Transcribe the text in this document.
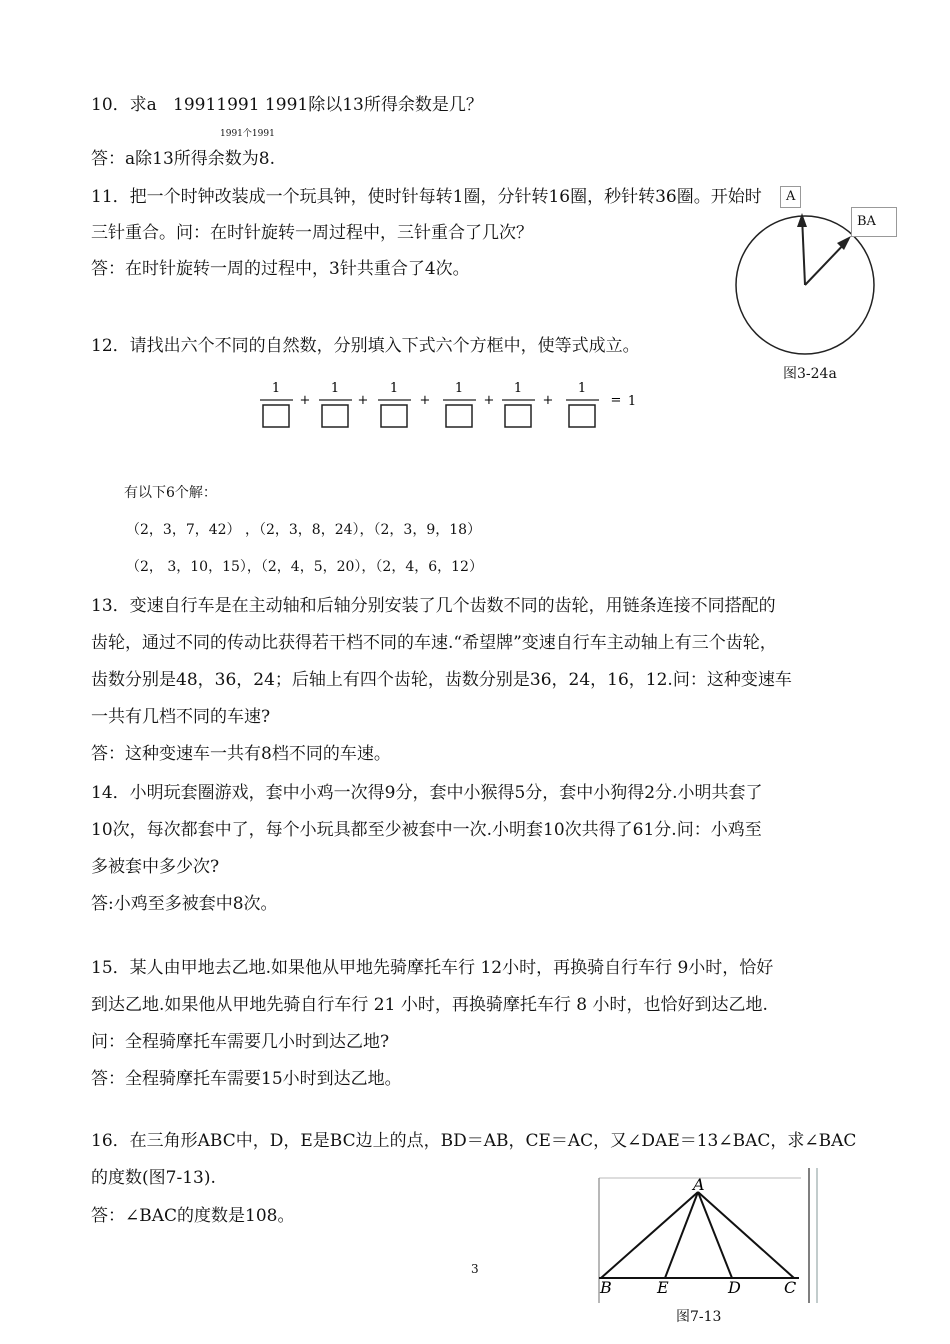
10．求a 19911991 1991除以13所得余数是几？
1991个1991
答：a除13所得余数为8.
11．把一个时钟改装成一个玩具钟，使时针每转1圈，分针转16圈，秒针转36圈。开始时
三针重合。问：在时针旋转一周过程中，三针重合了几次？
答：在时针旋转一周的过程中，3针共重合了4次。
A
BA
图3-24a
12．请找出六个不同的自然数，分别填入下式六个方框中，使等式成立。
1
+
1
+
1
+
1
+
1
+
1
= 1
有以下6个解：
（2，3，7，42） ，（2，3，8，24），（2，3，9，18）
（2， 3，10，15），（2，4，5，20），（2，4，6，12）
13．变速自行车是在主动轴和后轴分别安装了几个齿数不同的齿轮，用链条连接不同搭配的
齿轮，通过不同的传动比获得若干档不同的车速.“希望牌”变速自行车主动轴上有三个齿轮，
齿数分别是48，36，24；后轴上有四个齿轮，齿数分别是36，24，16，12.问：这种变速车
一共有几档不同的车速?
答：这种变速车一共有8档不同的车速。
14．小明玩套圈游戏，套中小鸡一次得9分，套中小猴得5分，套中小狗得2分.小明共套了
10次，每次都套中了，每个小玩具都至少被套中一次.小明套10次共得了61分.问：小鸡至
多被套中多少次?
答:小鸡至多被套中8次。
15．某人由甲地去乙地.如果他从甲地先骑摩托车行 12小时，再换骑自行车行 9小时，恰好
到达乙地.如果他从甲地先骑自行车行 21 小时，再换骑摩托车行 8 小时，也恰好到达乙地.
问：全程骑摩托车需要几小时到达乙地?
答：全程骑摩托车需要15小时到达乙地。
16．在三角形ABC中，D，E是BC边上的点，BD＝AB，CE＝AC，又∠DAE＝13∠BAC，求∠BAC
的度数(图7-13).
答：∠BAC的度数是108。
A
B	E	D	C
图7-13
3
